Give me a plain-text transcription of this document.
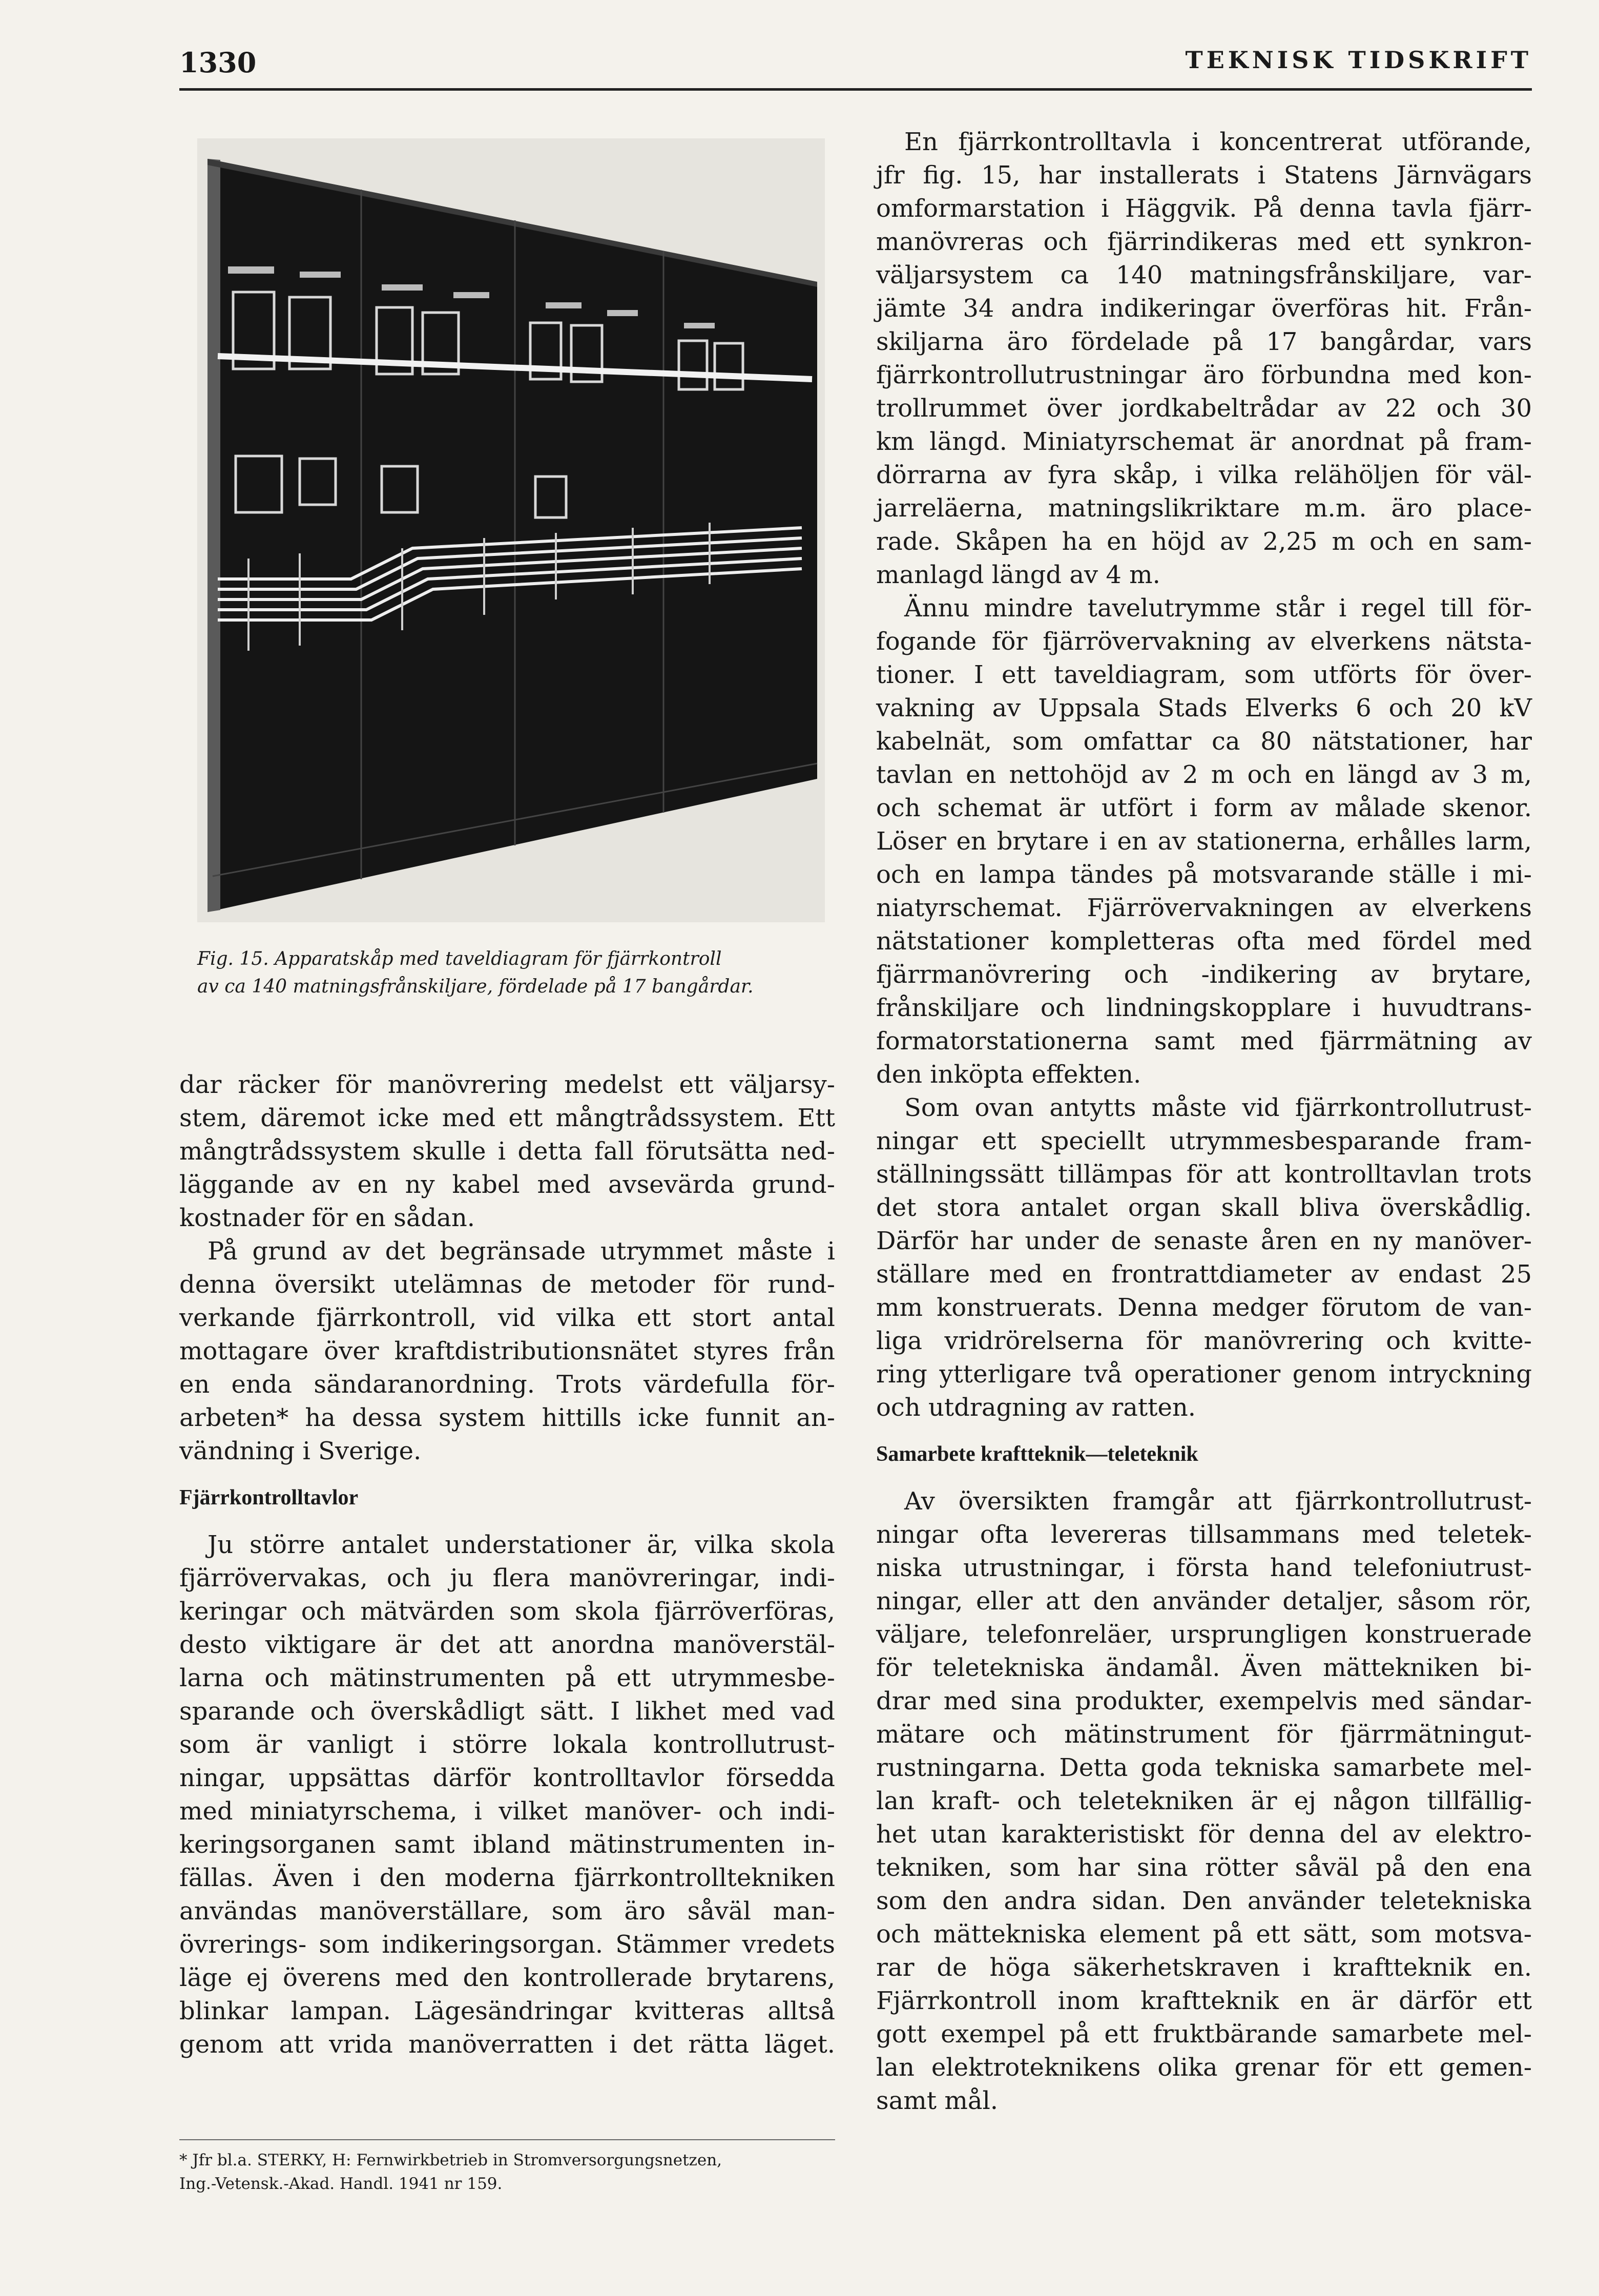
1330	TEKNISK TIDSKRIFT

Fig. 15. Apparatskåp med taveldiagram för fjärrkontroll

av ca 140 matningsfrånskiljare, fördelade på 17 bangårdar.

dar räcker för manövrering medelst ett väljarsy-
stem, däremot icke med ett mångtrådssystem. Ett
mångtrådssystem skulle i detta fall förutsätta ned-
läggande av en ny kabel med avsevärda grund-
kostnader för en sådan.

På grund av det begränsade utrymmet måste i
denna översikt utelämnas de metoder för rund-
verkande fjärrkontroll, vid vilka ett stort antal
mottagare över kraftdistributionsnätet styres från
en enda sändaranordning. Trots värdefulla för-
arbeten* ha dessa system hittills icke funnit an-
vändning i Sverige.

Fjärrkontrolltavlor

Ju större antalet understationer är, vilka skola
fjärrövervakas, och ju flera manövreringar, indi-
keringar och mätvärden som skola fjärröverföras,
desto viktigare är det att anordna manöverstäl-
larna och mätinstrumenten på ett utrymmesbe-
sparande och överskådligt sätt. I likhet med vad
som är vanligt i större lokala kontrollutrust-
ningar, uppsättas därför kontrolltavlor försedda
med miniatyrschema, i vilket manöver- och indi-
keringsorganen samt ibland mätinstrumenten in-
fällas. Även i den moderna fjärrkontrolltekniken
användas manöverställare, som äro såväl man-
övrerings- som indikeringsorgan. Stämmer vredets
läge ej överens med den kontrollerade brytarens,
blinkar lampan. Lägesändringar kvitteras alltså
genom att vrida manöverratten i det rätta läget.

* Jfr bl.a. STERKY, H: Fernwirkbetrieb in Stromversorgungsnetzen,

Ing.-Vetensk.-Akad. Handl. 1941 nr 159.

En fjärrkontrolltavla i koncentrerat utförande,
jfr fig. 15, har installerats i Statens Järnvägars
omformarstation i Häggvik. På denna tavla fjärr-
manövreras och fjärrindikeras med ett synkron-
väljarsystem ca 140 matningsfrånskiljare, var-
jämte 34 andra indikeringar överföras hit. Från-
skiljarna äro fördelade på 17 bangårdar, vars
fjärrkontrollutrustningar äro förbundna med kon-
trollrummet över jordkabeltrådar av 22 och 30
km längd. Miniatyrschemat är anordnat på fram-
dörrarna av fyra skåp, i vilka relähöljen för väl-
jarreläerna, matningslikriktare m.m. äro place-
rade. Skåpen ha en höjd av 2,25 m och en sam-
manlagd längd av 4 m.

Ännu mindre tavelutrymme står i regel till för-
fogande för fjärrövervakning av elverkens nätsta-
tioner. I ett taveldiagram, som utförts för över-
vakning av Uppsala Stads Elverks 6 och 20 kV
kabelnät, som omfattar ca 80 nätstationer, har
tavlan en nettohöjd av 2 m och en längd av 3 m,
och schemat är utfört i form av målade skenor.
Löser en brytare i en av stationerna, erhålles larm,
och en lampa tändes på motsvarande ställe i mi-
niatyrschemat. Fjärrövervakningen av elverkens
nätstationer kompletteras ofta med fördel med
fjärrmanövrering och -indikering av brytare,
frånskiljare och lindningskopplare i huvudtrans-
formatorstationerna samt med fjärrmätning av
den inköpta effekten.

Som ovan antytts måste vid fjärrkontrollutrust-
ningar ett speciellt utrymmesbesparande fram-
ställningssätt tillämpas för att kontrolltavlan trots
det stora antalet organ skall bliva överskådlig.
Därför har under de senaste åren en ny manöver-
ställare med en frontrattdiameter av endast 25
mm konstruerats. Denna medger förutom de van-
liga vridrörelserna för manövrering och kvitte-
ring ytterligare två operationer genom intryckning
och utdragning av ratten.

Samarbete kraftteknik—teleteknik

Av översikten framgår att fjärrkontrollutrust-
ningar ofta levereras tillsammans med teletek-
niska utrustningar, i första hand telefoniutrust-
ningar, eller att den använder detaljer, såsom rör,
väljare, telefonreläer, ursprungligen konstruerade
för teletekniska ändamål. Även mättekniken bi-
drar med sina produkter, exempelvis med sändar-
mätare och mätinstrument för fjärrmätningut-
rustningarna. Detta goda tekniska samarbete mel-
lan kraft- och teletekniken är ej någon tillfällig-
het utan karakteristiskt för denna del av elektro-
tekniken, som har sina rötter såväl på den ena
som den andra sidan. Den använder teletekniska
och mättekniska element på ett sätt, som motsva-
rar de höga säkerhetskraven i kraftteknik en.
Fjärrkontroll inom kraftteknik en är därför ett
gott exempel på ett fruktbärande samarbete mel-
lan elektroteknikens olika grenar för ett gemen-
samt mål.
